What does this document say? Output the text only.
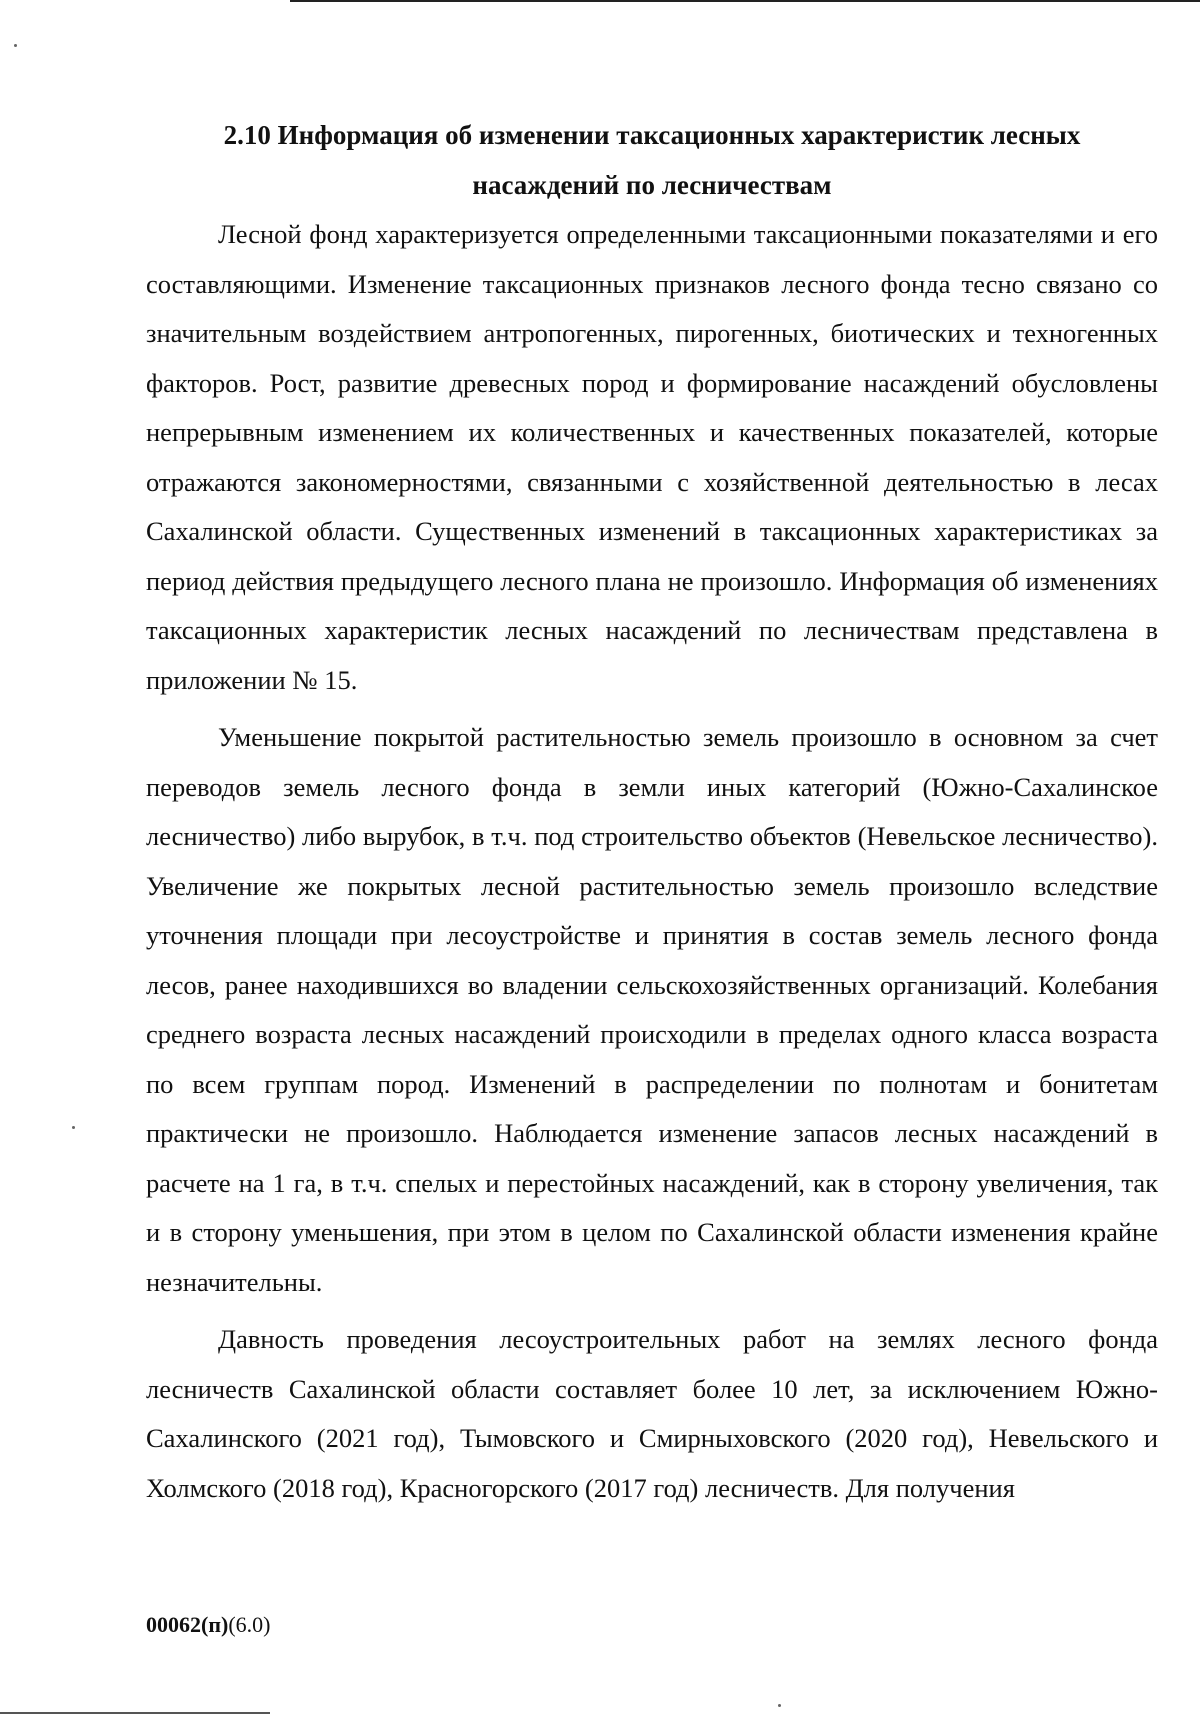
2.10 Информация об изменении таксационных характеристик лесных
насаждений по лесничествам

Лесной фонд характеризуется определенными таксационными показателями и его составляющими. Изменение таксационных признаков лесного фонда тесно связано со значительным воздействием антропогенных, пирогенных, биотических и техногенных факторов. Рост, развитие древесных пород и формирование насаждений обусловлены непрерывным изменением их количественных и качественных показателей, которые отражаются закономерностями, связанными с хозяйственной деятельностью в лесах Сахалинской области. Существенных изменений в таксационных характеристиках за период действия предыдущего лесного плана не произошло. Информация об изменениях таксационных характеристик лесных насаждений по лесничествам представлена в приложении № 15.

Уменьшение покрытой растительностью земель произошло в основном за счет переводов земель лесного фонда в земли иных категорий (Южно-Сахалинское лесничество) либо вырубок, в т.ч. под строительство объектов (Невельское лесничество). Увеличение же покрытых лесной растительностью земель произошло вследствие уточнения площади при лесоустройстве и принятия в состав земель лесного фонда лесов, ранее находившихся во владении сельскохозяйственных организаций. Колебания среднего возраста лесных насаждений происходили в пределах одного класса возраста по всем группам пород. Изменений в распределении по полнотам и бонитетам практически не произошло. Наблюдается изменение запасов лесных насаждений в расчете на 1 га, в т.ч. спелых и перестойных насаждений, как в сторону увеличения, так и в сторону уменьшения, при этом в целом по Сахалинской области изменения крайне незначительны.

Давность проведения лесоустроительных работ на землях лесного фонда лесничеств Сахалинской области составляет более 10 лет, за исключением Южно-Сахалинского (2021 год), Тымовского и Смирныховского (2020 год), Невельского и Холмского (2018 год), Красногорского (2017 год) лесничеств. Для получения

00062(п)(6.0)
